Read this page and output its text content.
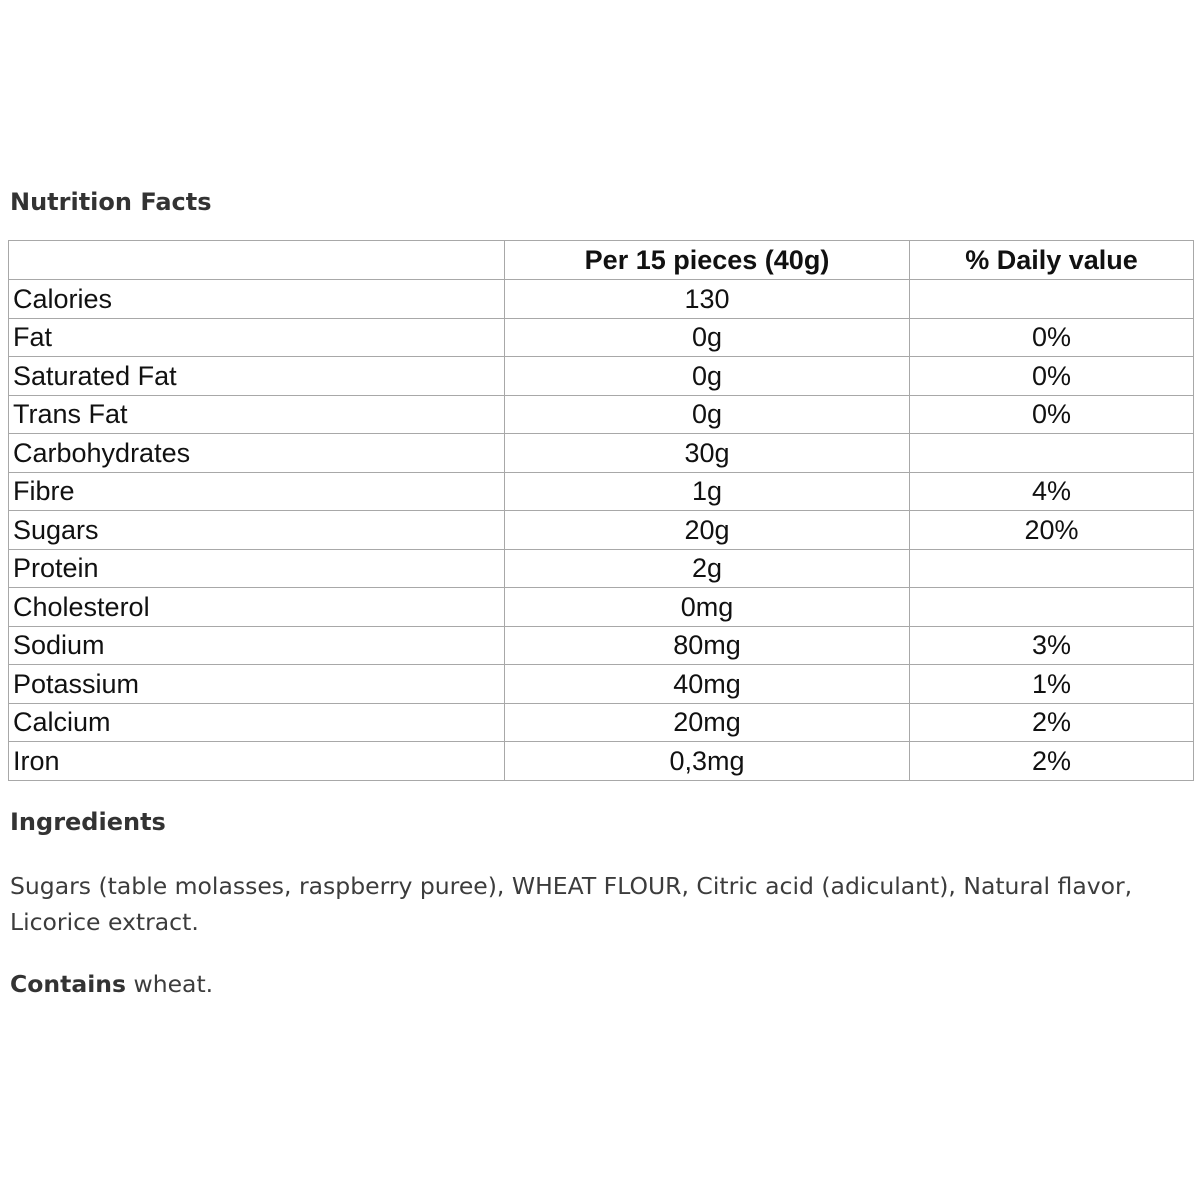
Nutrition Facts
	Per 15 pieces (40g)	% Daily value
Calories	130	
Fat	0g	0%
Saturated Fat	0g	0%
Trans Fat	0g	0%
Carbohydrates	30g	
Fibre	1g	4%
Sugars	20g	20%
Protein	2g	
Cholesterol	0mg	
Sodium	80mg	3%
Potassium	40mg	1%
Calcium	20mg	2%
Iron	0,3mg	2%
Ingredients

Sugars (table molasses, raspberry puree), WHEAT FLOUR, Citric acid (adiculant), Natural flavor, Licorice extract.

Contains wheat.
